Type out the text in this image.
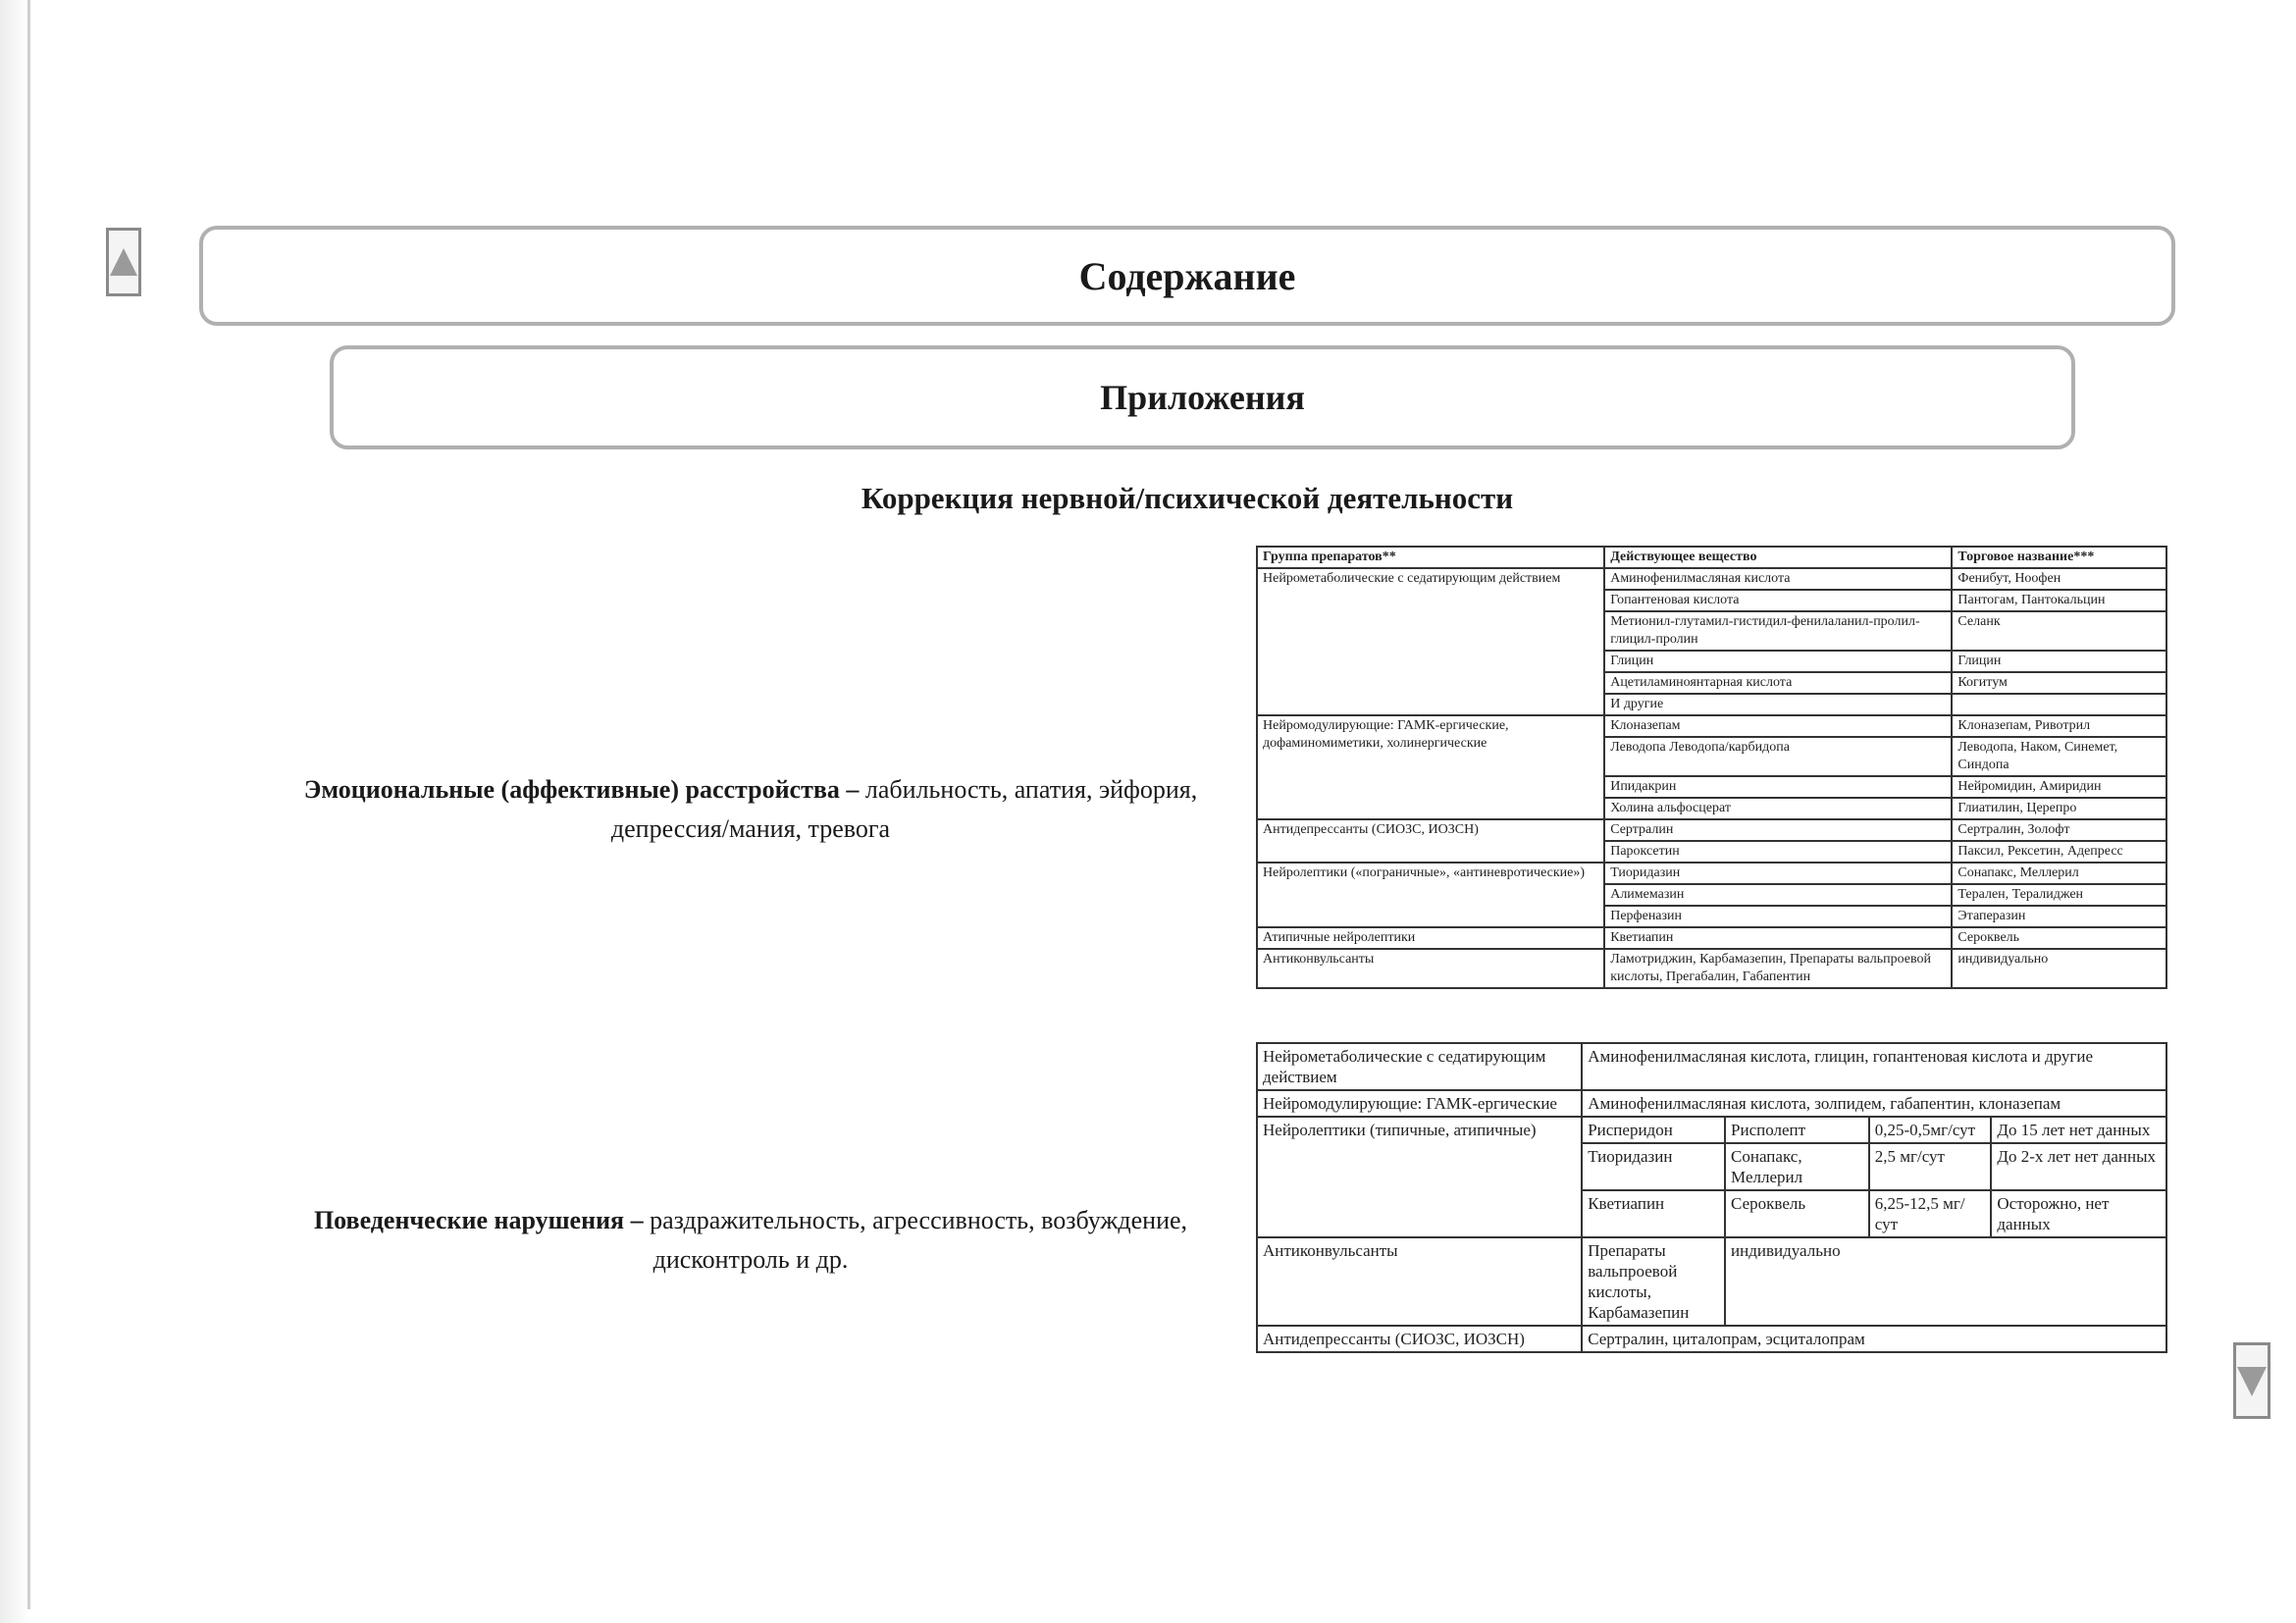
Содержание
Приложения
Коррекция нервной/психической деятельности
Эмоциональные (аффективные) расстройства – лабильность, апатия, эйфория, депрессия/мания, тревога
Поведенческие нарушения – раздражительность, агрессивность, возбуждение, дисконтроль и др.
Группа препаратов**	Действующее вещество	Торговое название***
Нейрометаболические с седатирующим действием	Аминофенилмасляная кислота	Фенибут, Ноофен
	Гопантеновая кислота	Пантогам, Пантокальцин
	Метионил-глутамил-гистидил-фенилаланил-пролил-глицил-пролин	Селанк
	Глицин	Глицин
	Ацетиламиноянтарная кислота	Когитум
	И другие	
Нейромодулирующие: ГАМК-ергические, дофаминомиметики, холинергические	Клоназепам	Клоназепам, Ривотрил
	Леводопа Леводопа/карбидопа	Леводопа, Наком, Синемет, Синдопа
	Ипидакрин	Нейромидин, Амиридин
	Холина альфосцерат	Глиатилин, Церепро
Антидепрессанты (СИОЗС, ИОЗСН)	Сертралин	Сертралин, Золофт
	Пароксетин	Паксил, Рексетин, Адепресс
Нейролептики («пограничные», «антиневротические»)	Тиоридазин	Сонапакс, Меллерил
	Алимемазин	Терален, Тералиджен
	Перфеназин	Этаперазин
Атипичные нейролептики	Кветиапин	Сероквель
Антиконвульсанты	Ламотриджин, Карбамазепин, Препараты вальпроевой кислоты, Прегабалин, Габапентин	индивидуально
Нейрометаболические с седатирующим действием	Аминофенилмасляная кислота, глицин, гопантеновая кислота и другие			
Нейромодулирующие: ГАМК-ергические	Аминофенилмасляная кислота, золпидем, габапентин, клоназепам			
Нейролептики (типичные, атипичные)	Рисперидон	Рисполепт	0,25-0,5мг/сут	До 15 лет нет данных
	Тиоридазин	Сонапакс, Меллерил	2,5 мг/сут	До 2-х лет нет данных
	Кветиапин	Сероквель	6,25-12,5 мг/сут	Осторожно, нет данных
Антиконвульсанты	Препараты вальпроевой кислоты, Карбамазепин	индивидуально		
Антидепрессанты (СИОЗС, ИОЗСН)	Сертралин, циталопрам, эсциталопрам			
